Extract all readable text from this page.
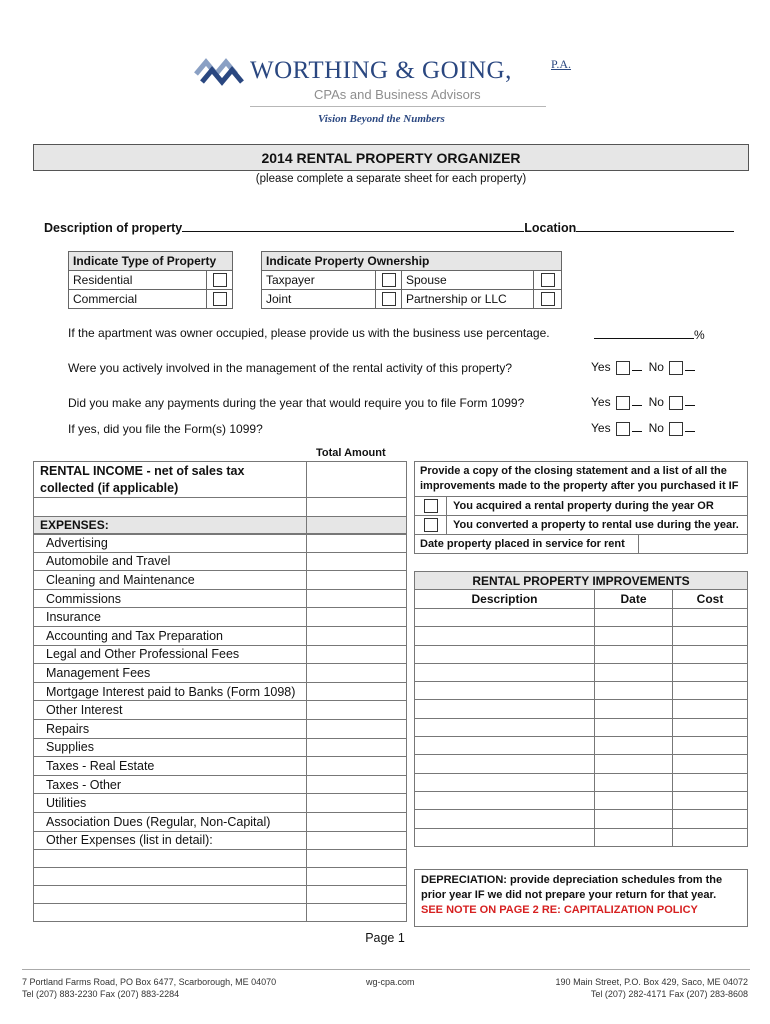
WORTHING & GOING,	P.A.
CPAs and Business Advisors
Vision Beyond the Numbers
2014 RENTAL PROPERTY ORGANIZER
(please complete a separate sheet for each property)
Description of property	Location
Indicate Type of Property	
Residential	
Commercial	
Indicate Property Ownership			
Taxpayer		Spouse	
Joint		Partnership or LLC	
If the apartment was owner occupied, please provide us with the business use percentage.	%
Were you actively involved in the management of the rental activity of this property?	Yes	No
Did you make any payments during the year that would require you to file Form 1099?	Yes	No
If yes, did you file the Form(s) 1099?	Yes	No
Total Amount
RENTAL INCOME - net of sales tax collected (if applicable)
EXPENSES:
Advertising
Automobile and Travel
Cleaning and Maintenance
Commissions
Insurance
Accounting and Tax Preparation
Legal and Other Professional Fees
Management Fees
Mortgage Interest paid to Banks (Form 1098)
Other Interest
Repairs
Supplies
Taxes - Real Estate
Taxes - Other
Utilities
Association Dues (Regular, Non-Capital)
Other Expenses (list in detail):
Provide a copy of the closing statement and a list of all the improvements made to the property after you purchased it IF
You acquired a rental property during the year OR
You converted a property to rental use during the year.
Date property placed in service for rent
RENTAL PROPERTY IMPROVEMENTS
Description	Date	Cost
DEPRECIATION: provide depreciation schedules from the prior year IF we did not prepare your return for that year.
SEE NOTE ON PAGE 2 RE: CAPITALIZATION POLICY
Page 1
7 Portland Farms Road, PO Box 6477, Scarborough, ME 04070
Tel (207) 883-2230 Fax (207) 883-2284
wg-cpa.com	190 Main Street, P.O. Box 429, Saco, ME 04072
Tel (207) 282-4171 Fax (207) 283-8608
